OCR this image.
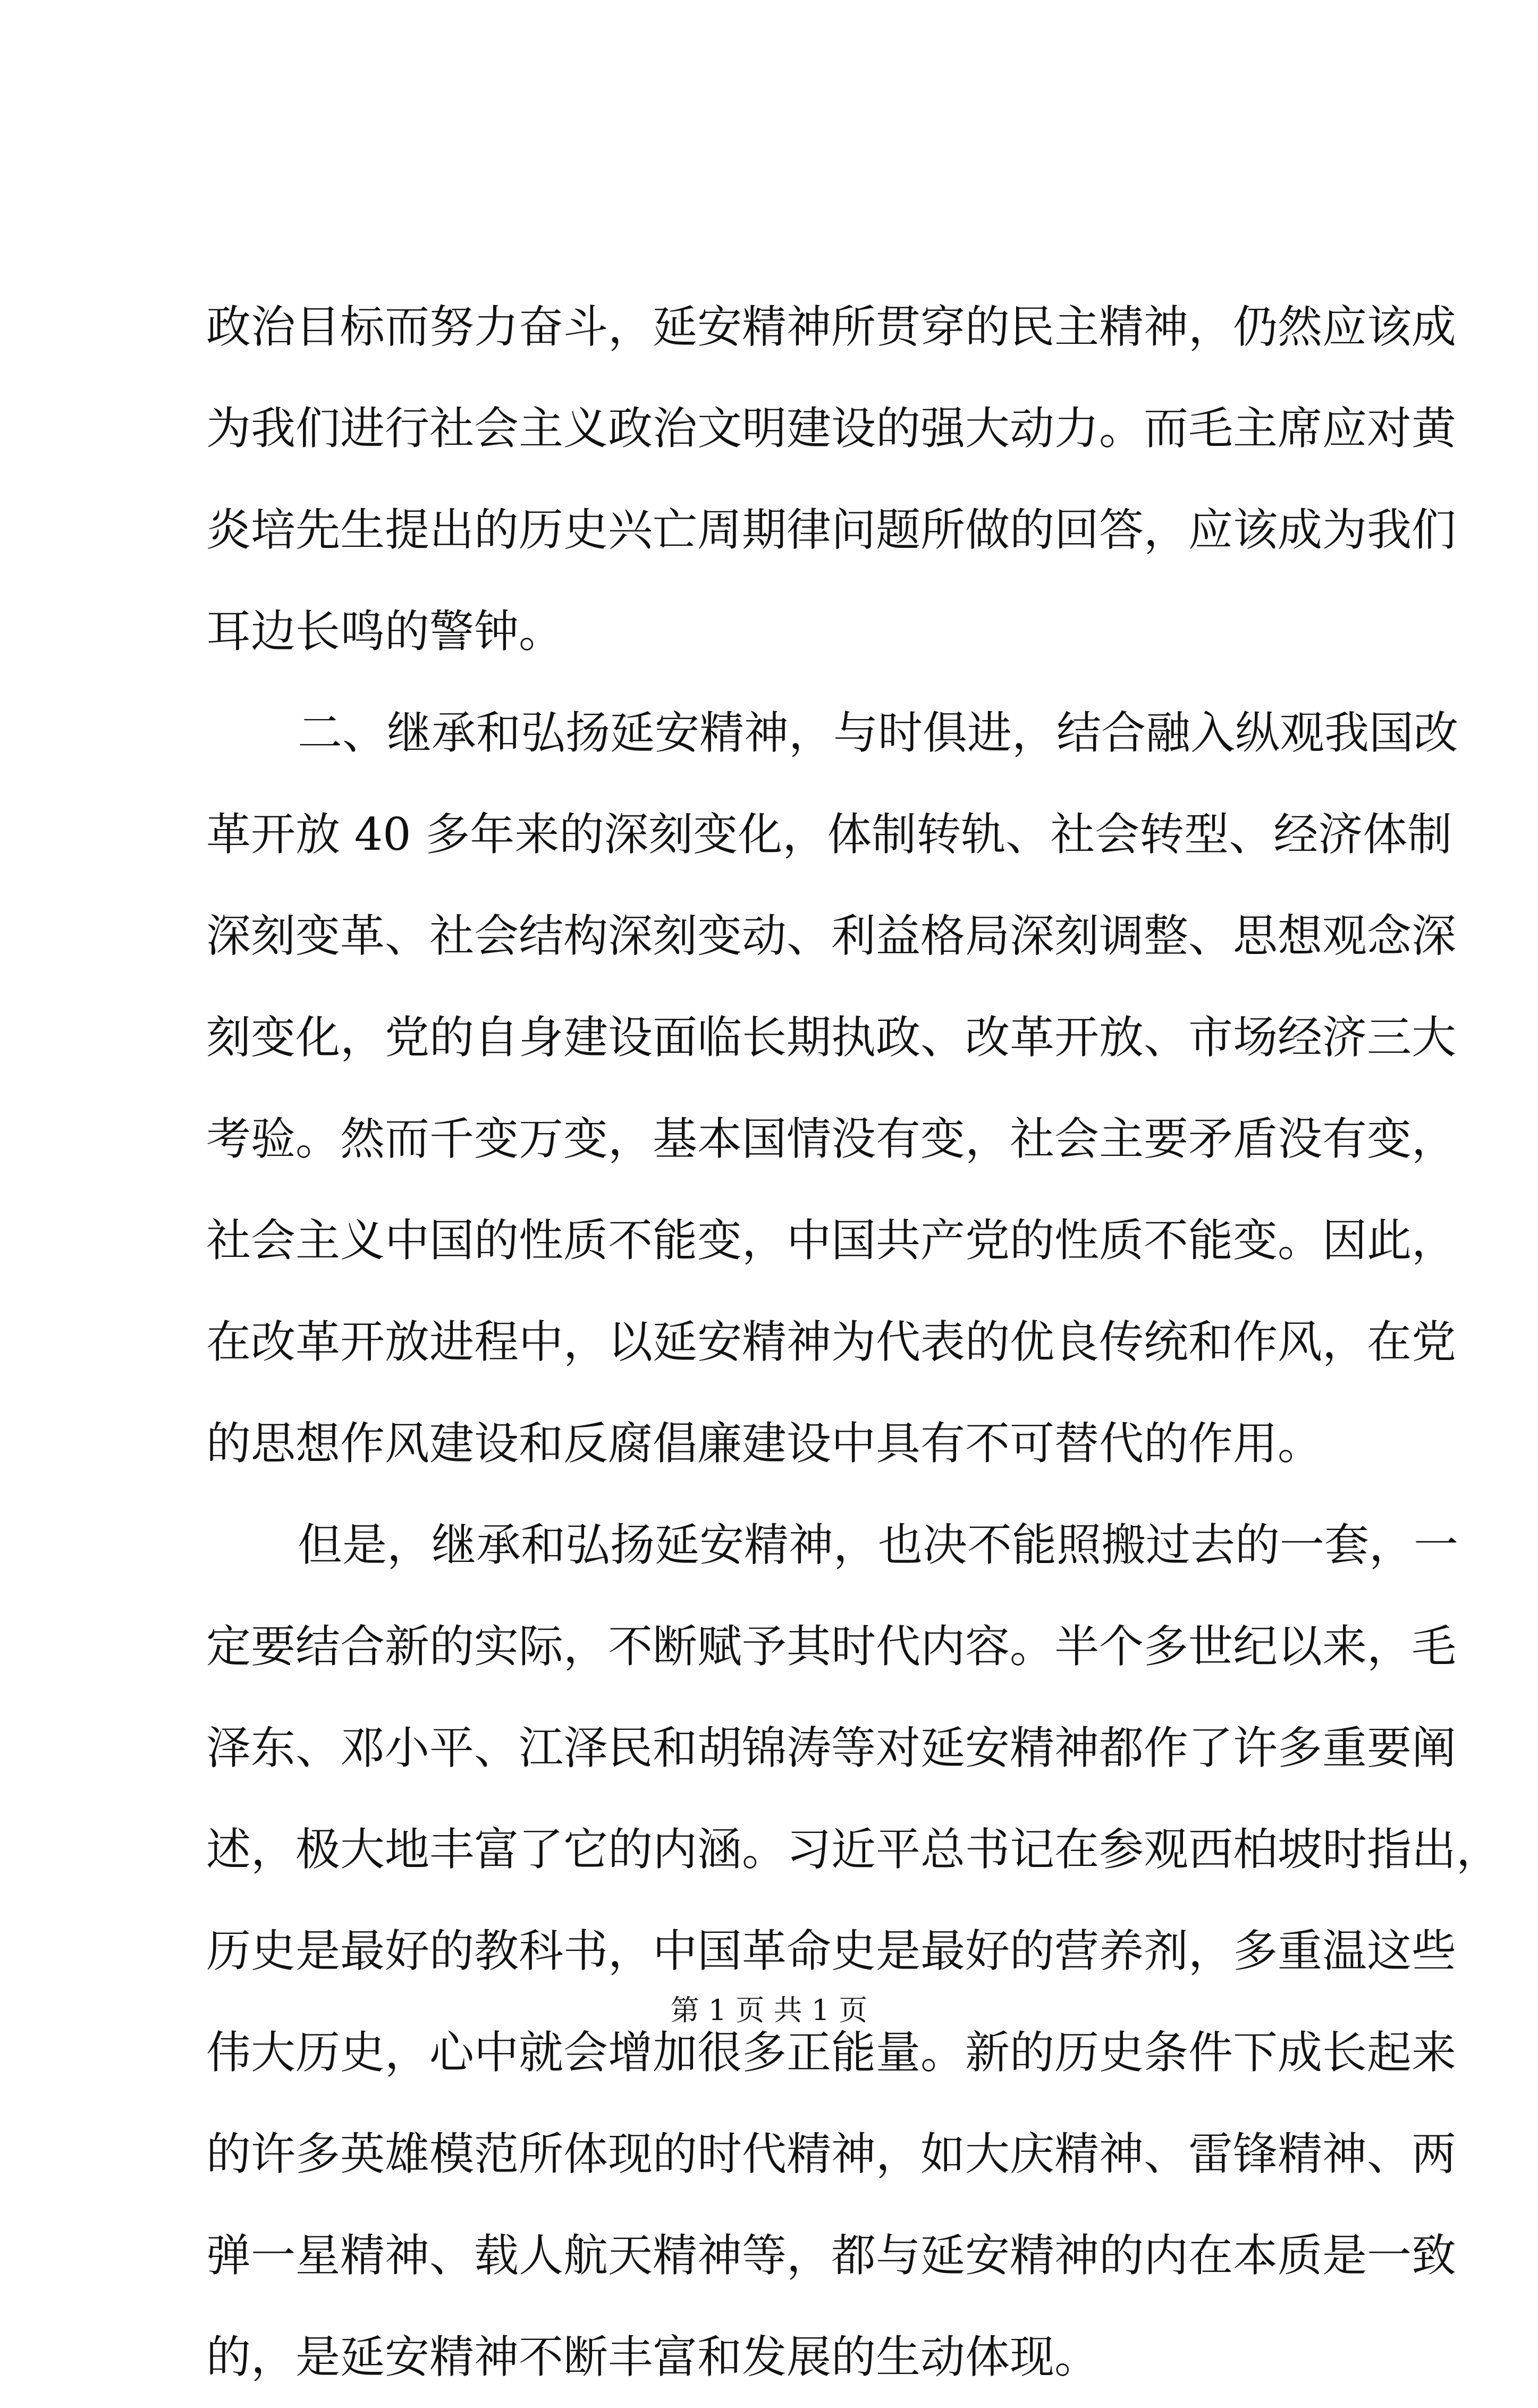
政治目标而努力奋斗，延安精神所贯穿的民主精神，仍然应该成
为我们进行社会主义政治文明建设的强大动力。而毛主席应对黄
炎培先生提出的历史兴亡周期律问题所做的回答，应该成为我们
耳边长鸣的警钟。
二、继承和弘扬延安精神，与时俱进，结合融入纵观我国改
革开放 40 多年来的深刻变化，体制转轨、社会转型、经济体制
深刻变革、社会结构深刻变动、利益格局深刻调整、思想观念深
刻变化，党的自身建设面临长期执政、改革开放、市场经济三大
考验。然而千变万变，基本国情没有变，社会主要矛盾没有变，
社会主义中国的性质不能变，中国共产党的性质不能变。因此，
在改革开放进程中，以延安精神为代表的优良传统和作风，在党
的思想作风建设和反腐倡廉建设中具有不可替代的作用。
但是，继承和弘扬延安精神，也决不能照搬过去的一套，一
定要结合新的实际，不断赋予其时代内容。半个多世纪以来，毛
泽东、邓小平、江泽民和胡锦涛等对延安精神都作了许多重要阐
述，极大地丰富了它的内涵。习近平总书记在参观西柏坡时指出，
历史是最好的教科书，中国革命史是最好的营养剂，多重温这些
伟大历史，心中就会增加很多正能量。新的历史条件下成长起来
的许多英雄模范所体现的时代精神，如大庆精神、雷锋精神、两
弹一星精神、载人航天精神等，都与延安精神的内在本质是一致
的，是延安精神不断丰富和发展的生动体现。
第 1 页 共 1 页
